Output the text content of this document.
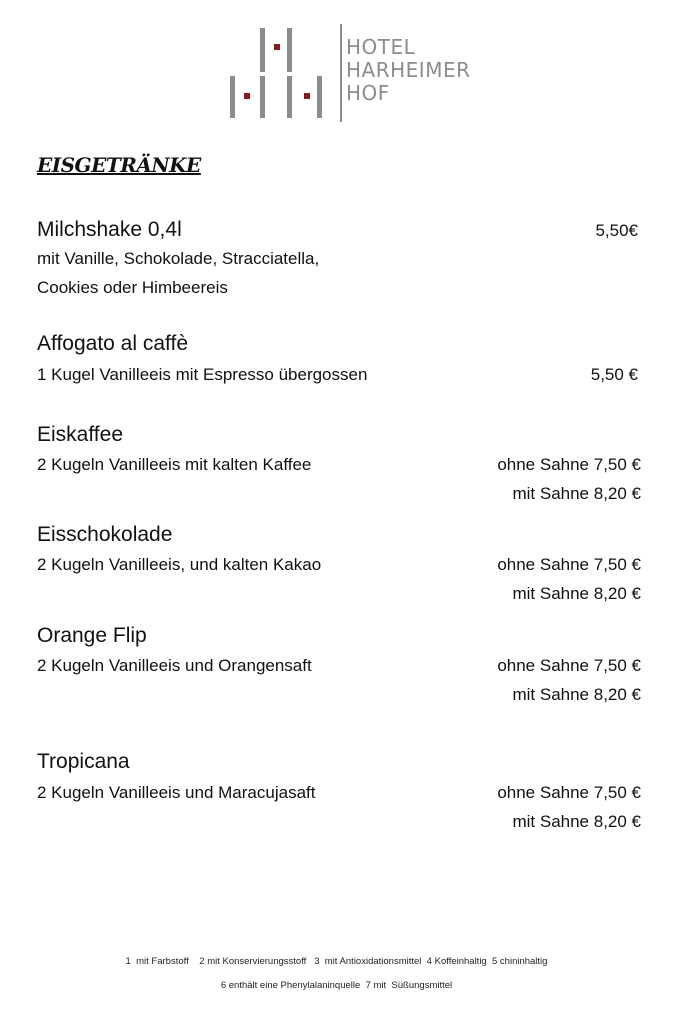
HOTEL
HARHEIMER
HOF
EISGETRÄNKE
Milchshake 0,4l	5,50€
mit Vanille, Schokolade, Stracciatella,
Cookies oder Himbeereis
Affogato al caffè
1 Kugel Vanilleeis mit Espresso übergossen	5,50 €
Eiskaffee
2 Kugeln Vanilleeis mit kalten Kaffee	ohne Sahne 7,50 €
mit Sahne 8,20 €
Eisschokolade
2 Kugeln Vanilleeis, und kalten Kakao	ohne Sahne 7,50 €
mit Sahne 8,20 €
Orange Flip
2 Kugeln Vanilleeis und Orangensaft	ohne Sahne 7,50 €
mit Sahne 8,20 €
Tropicana
2 Kugeln Vanilleeis und Maracujasaft	ohne Sahne 7,50 €
mit Sahne 8,20 €
1  mit Farbstoff    2 mit Konservierungsstoff   3  mit Antioxidationsmittel  4 Koffeinhaltig  5 chininhaltig
6 enthält eine Phenylalaninquelle  7 mit  Süßungsmittel
